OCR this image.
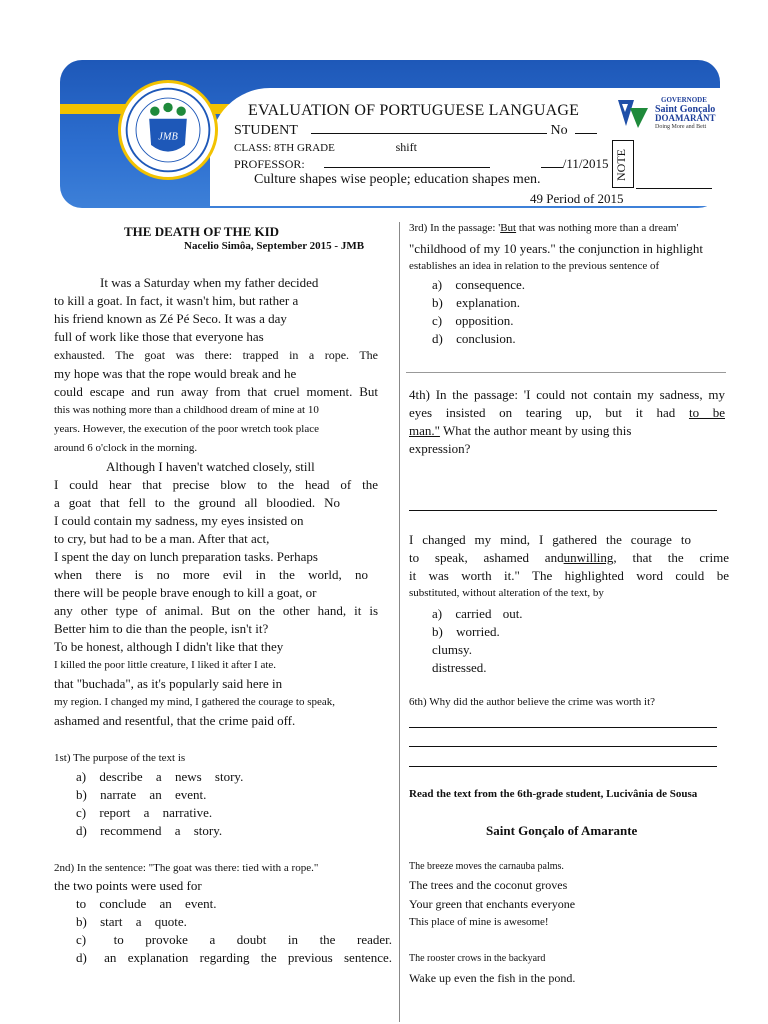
JMB
EVALUATION OF PORTUGUESE LANGUAGE
STUDENT	No
CLASS: 8TH GRADE	shift
PROFESSOR:	/11/2015 NOTE
GOVERNODE
Saint Gonçalo
DOAMARANT
Doing More and Bett
Culture shapes wise people; education shapes men.
49 Period of 2015
THE DEATH OF THE KID
Nacelio Simôa, September 2015 - JMB
It was a Saturday when my father decided
to kill a goat. In fact, it wasn't him, but rather a
his friend known as Zé Pé Seco. It was a day
full of work like those that everyone has
exhausted. The goat was there: trapped in a rope. The
my hope was that the rope would break and he
could escape and run away from that cruel moment. But
this was nothing more than a childhood dream of mine at 10
years. However, the execution of the poor wretch took place
around 6 o'clock in the morning.
Although I haven't watched closely, still
I could hear that precise blow to the head of the
a goat that fell to the ground all bloodied. No
I could contain my sadness, my eyes insisted on
to cry, but had to be a man. After that act,
I spent the day on lunch preparation tasks. Perhaps
when there is no more evil in the world, no
there will be people brave enough to kill a goat, or
any other type of animal. But on the other hand, it is
Better him to die than the people, isn't it?
To be honest, although I didn't like that they
I killed the poor little creature, I liked it after I ate.
that "buchada", as it's popularly said here in
my region. I changed my mind, I gathered the courage to speak,
ashamed and resentful, that the crime paid off.
1st) The purpose of the text is
a) describe a news story.
b) narrate an event.
c) report a narrative.
d) recommend a story.
2nd) In the sentence: "The goat was there: tied with a rope."
the two points were used for
to conclude an event.
b) start a quote.
c) to provoke a doubt in the reader.
d) an explanation regarding the previous sentence.
3rd) In the passage: 'But that was nothing more than a dream'
"childhood of my 10 years." the conjunction in highlight
establishes an idea in relation to the previous sentence of
a) consequence.
b) explanation.
c) opposition.
d) conclusion.
4th) In the passage: 'I could not contain my sadness, my
eyes insisted on tearing up, but it had to be
man." What the author meant by using this
expression?
I changed my mind, I gathered the courage to
to speak, ashamed andunwilling, that the crime
it was worth it." The highlighted word could be
substituted, without alteration of the text, by
a) carried out.
b) worried.
clumsy.
distressed.
6th) Why did the author believe the crime was worth it?
Read the text from the 6th-grade student, Lucivânia de Sousa
Saint Gonçalo of Amarante
The breeze moves the carnauba palms.
The trees and the coconut groves
Your green that enchants everyone
This place of mine is awesome!
The rooster crows in the backyard
Wake up even the fish in the pond.
